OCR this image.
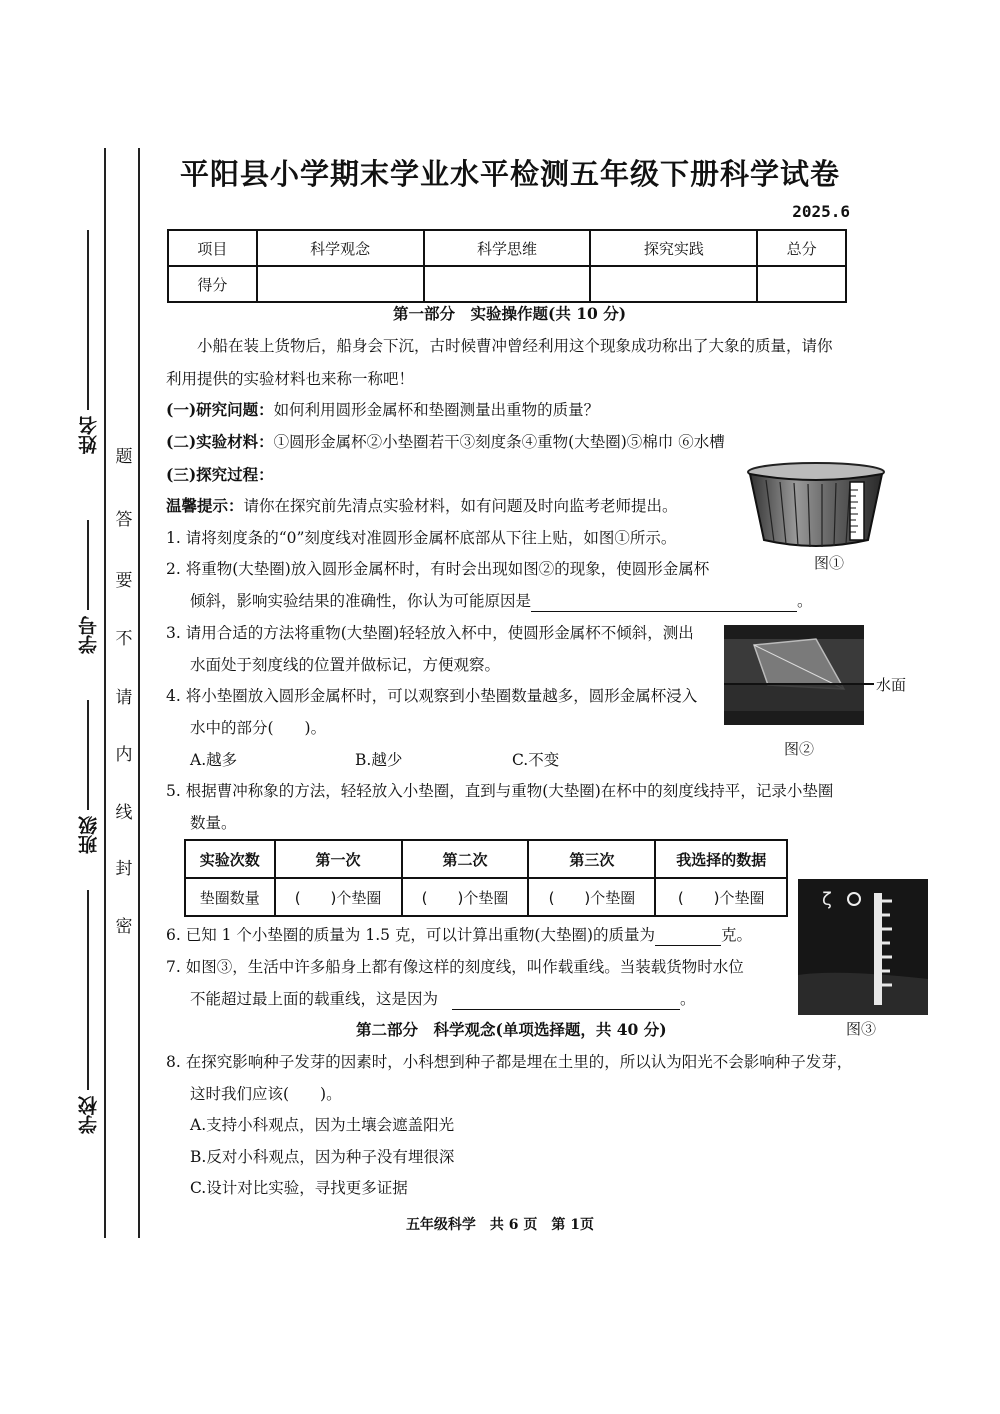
姓名
学号
班级
学校
题
答
要
不
请
内
线
封
密
平阳县小学期末学业水平检测五年级下册科学试卷
2025.6
项目	科学观念	科学思维	探究实践	总分
得分				
第一部分　实验操作题(共 10 分)
小船在装上货物后，船身会下沉，古时候曹冲曾经利用这个现象成功称出了大象的质量，请你
利用提供的实验材料也来称一称吧！
(一)研究问题：如何利用圆形金属杯和垫圈测量出重物的质量？
(二)实验材料：①圆形金属杯②小垫圈若干③刻度条④重物(大垫圈)⑤棉巾 ⑥水槽
(三)探究过程：
温馨提示：请你在探究前先清点实验材料，如有问题及时向监考老师提出。
1. 请将刻度条的“0”刻度线对准圆形金属杯底部从下往上贴，如图①所示。
2. 将重物(大垫圈)放入圆形金属杯时，有时会出现如图②的现象，使圆形金属杯
倾斜，影响实验结果的准确性，你认为可能原因是	。
3. 请用合适的方法将重物(大垫圈)轻轻放入杯中，使圆形金属杯不倾斜，测出
水面处于刻度线的位置并做标记，方便观察。
4. 将小垫圈放入圆形金属杯时，可以观察到小垫圈数量越多，圆形金属杯浸入
水中的部分(　　)。
A.越多	B.越少	C.不变
5. 根据曹冲称象的方法，轻轻放入小垫圈，直到与重物(大垫圈)在杯中的刻度线持平，记录小垫圈
数量。
实验次数	第一次	第二次	第三次	我选择的数据
垫圈数量	(　　)个垫圈	(　　)个垫圈	(　　)个垫圈	(　　)个垫圈
6. 已知 1 个小垫圈的质量为 1.5 克，可以计算出重物(大垫圈)的质量为	克。
7. 如图③，生活中许多船身上都有像这样的刻度线，叫作载重线。当装载货物时水位
不能超过最上面的载重线，这是因为	。
第二部分　科学观念(单项选择题，共 40 分)
8. 在探究影响种子发芽的因素时，小科想到种子都是埋在土里的，所以认为阳光不会影响种子发芽，
这时我们应该(　　)。
A.支持小科观点，因为土壤会遮盖阳光
B.反对小科观点，因为种子没有埋很深
C.设计对比实验，寻找更多证据
图①
水面
图②
ζ
图③
五年级科学　共 6 页　第 1页
